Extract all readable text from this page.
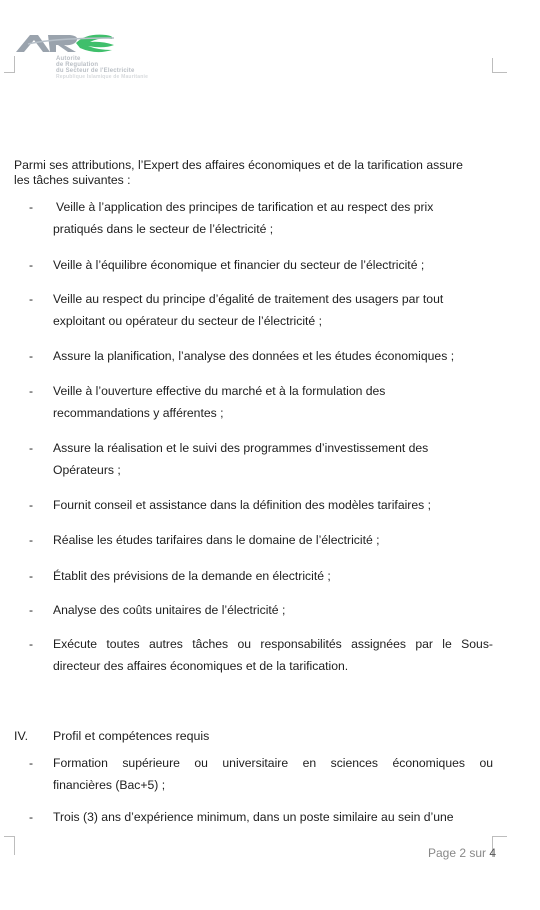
Autorite
de Regulation
du Secteur de l'Electricite
Republique Islamique de Mauritanie
Parmi ses attributions, l’Expert des affaires économiques et de la tarification assure
les tâches suivantes :
-	Veille à l’application des principes de tarification et au respect des prix
pratiqués dans le secteur de l’électricité ;
-	Veille à l’équilibre économique et financier du secteur de l’électricité ;
-	Veille au respect du principe d’égalité de traitement des usagers par tout
exploitant ou opérateur du secteur de l’électricité ;
-	Assure la planification, l’analyse des données et les études économiques ;
-	Veille à l’ouverture effective du marché et à la formulation des
recommandations y afférentes ;
-	Assure la réalisation et le suivi des programmes d’investissement des
Opérateurs ;
-	Fournit conseil et assistance dans la définition des modèles tarifaires ;
-	Réalise les études tarifaires dans le domaine de l’électricité ;
-	Établit des prévisions de la demande en électricité ;
-	Analyse des coûts unitaires de l’électricité ;
-	Exécute toutes autres tâches ou responsabilités assignées par le Sous-
directeur des affaires économiques et de la tarification.
IV. Profil et compétences requis
-	Formation supérieure ou universitaire en sciences économiques ou
financières (Bac+5) ;
-	Trois (3) ans d’expérience minimum, dans un poste similaire au sein d’une
Page 2 sur 4
